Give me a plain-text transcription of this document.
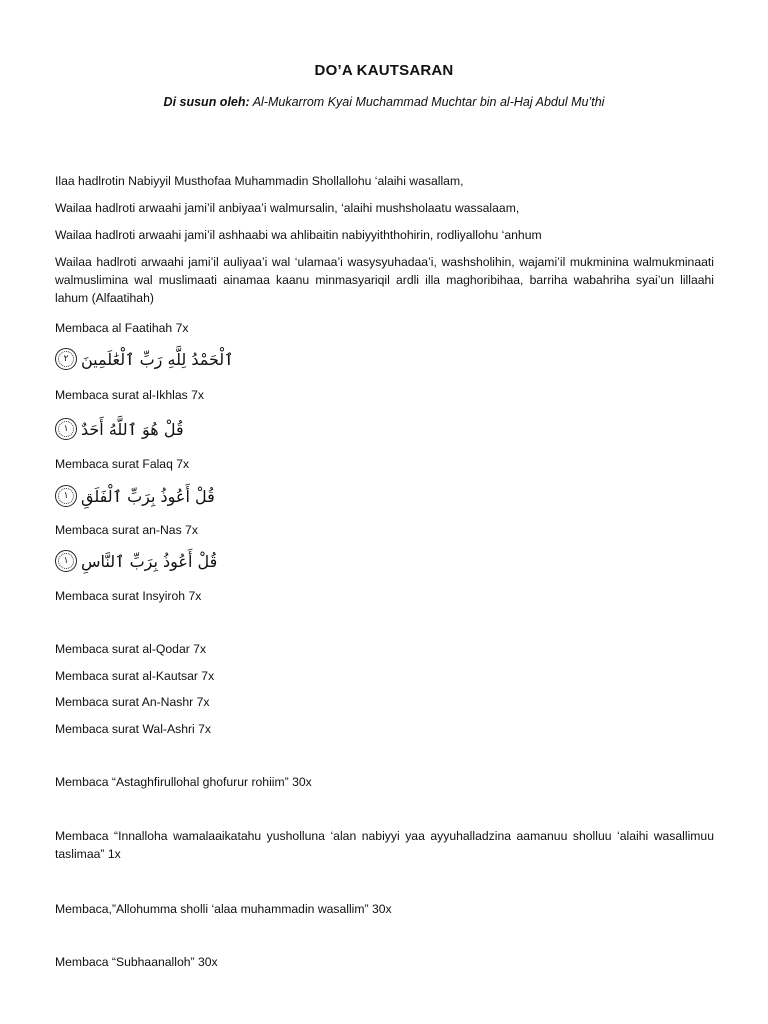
DO’A KAUTSARAN
Di susun oleh: Al-Mukarrom Kyai Muchammad Muchtar bin al-Haj Abdul Mu’thi
Ilaa hadlrotin Nabiyyil Musthofaa Muhammadin Shollallohu ‘alaihi wasallam,
Wailaa hadlroti arwaahi jami’il anbiyaa’i walmursalin, ‘alaihi mushsholaatu wassalaam,
Wailaa hadlroti arwaahi jami’il ashhaabi wa ahlibaitin nabiyyiththohirin, rodliyallohu ‘anhum
Wailaa hadlroti arwaahi jami’il auliyaa’i wal ‘ulamaa’i wasysyuhadaa’i, washsholihin, wajami’il mukminina walmukminaati walmuslimina wal muslimaati ainamaa kaanu minmasyariqil ardli illa maghoribihaa, barriha wabahriha syai’un lillaahi lahum (Alfaatihah)
Membaca al Faatihah 7x
ٱلْحَمْدُ لِلَّهِ رَبِّ ٱلْعَٰلَمِينَ
٢
Membaca surat al-Ikhlas 7x
قُلْ هُوَ ٱللَّهُ أَحَدٌ
١
Membaca surat Falaq 7x
قُلْ أَعُوذُ بِرَبِّ ٱلْفَلَقِ
١
Membaca surat an-Nas 7x
قُلْ أَعُوذُ بِرَبِّ ٱلنَّاسِ
١
Membaca surat Insyiroh 7x
Membaca surat al-Qodar 7x
Membaca surat al-Kautsar 7x
Membaca surat An-Nashr 7x
Membaca surat Wal-Ashri 7x
Membaca “Astaghfirullohal ghofurur rohiim” 30x
Membaca “Innalloha wamalaaikatahu yusholluna ‘alan nabiyyi yaa ayyuhalladzina aamanuu sholluu ‘alaihi wasallimuu taslimaa” 1x
Membaca,”Allohumma sholli ‘alaa muhammadin wasallim” 30x
Membaca “Subhaanalloh” 30x
